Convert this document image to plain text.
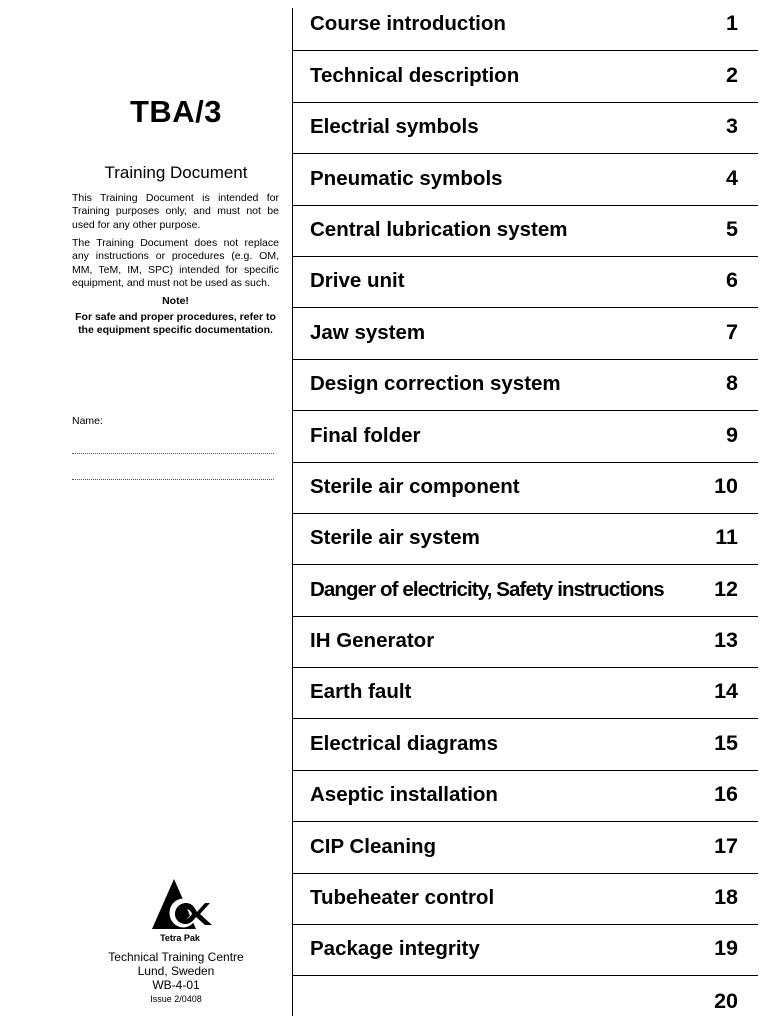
TBA/3
Training Document
This Training Document is intended for Training purposes only, and must not be used for any other purpose.
The Training Document does not replace any instructions or procedures (e.g. OM, MM, TeM, IM, SPC) intended for specific equipment, and must not be used as such.
Note!
For safe and proper procedures, refer to the equipment specific documentation.
Name:
Tetra Pak
Technical Training Centre
Lund, Sweden
WB-4-01
Issue 2/0408
Course introduction	1
Technical description	2
Electrial symbols	3
Pneumatic symbols	4
Central lubrication system	5
Drive unit	6
Jaw system	7
Design correction system	8
Final folder	9
Sterile air component	10
Sterile air system	11
Danger of electricity, Safety instructions 12
IH Generator	13
Earth fault	14
Electrical diagrams	15
Aseptic installation	16
CIP Cleaning	17
Tubeheater control	18
Package integrity	19
20
